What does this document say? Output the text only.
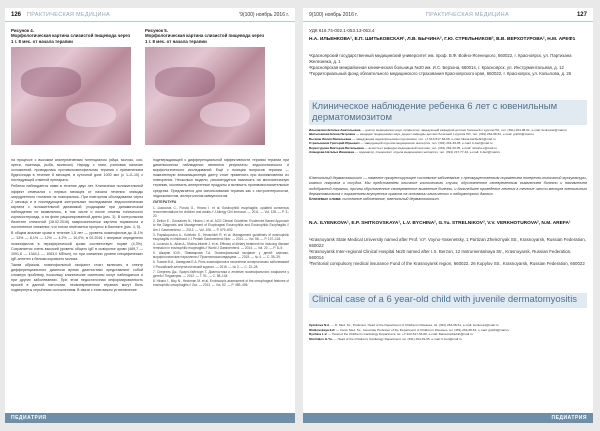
126 ПРАКТИЧЕСКАЯ МЕДИЦИНА	'9(100) ноябрь 2016 г.
Рисунок 4.
Морфологическая картина слизистой пищевода через 1 г. 8 мес. от начала терапии
Рисунок 5.
Морфологическая картина слизистой пищевода через 1 г. 8 мес. от начала терапии

на процессе с высоким альтернативным потенциалом (яйца, молоко, соя, орехи, пшеница, рыба, молюски). Наряду с этим, учитывая наличие осложнений, проводилась противоэозинофильная терапия с применением будесонида в течение 6 месяцев, в суточной дозе 1000 мкг (с 1–0–10) с последующей отменой препарата.

Ребенок наблюдается нами в течение двух лет. Клинически положительный эффект отмечался с первых месяцев от начала лечения: эпизоды затрудненного глотания не повторялись. При повторном обследовании через 2 месяца и в последующем контрольные исследования эндоскопическая картина с положительной динамикой, уходящими при динамическом наблюдении не выявлялись, в том числе и после отмены топического кортикостероида, и на фоне рационированной диеты (рис. 3). В контрольном биоптате слизистой (18.02.2016) микроскопически картина нормальна и постепенное снижение, что потом отмечается прогресс в биоптате (рис. 4, 5).

В общем анализе крови в течение 1,5 лет — уровень эозинофилов до 11,1% — 13% — 6,1% — 12% — 4,2% — 10,0%, в 02.2016 г. впервые определено эозинофилов в периферической крови соответствует норме (4,3%). Сохраняется очень высокий уровень общего IgE в сыворотке крови (489,7 — 1091,6 — 1344,1 — 1063,0 МЕ/мл), но при снижении уровня специфических IgE-антител к белкам коровьего молока.

Таким образом, эозинофильный эзофагит стоит включать в спектр дифференциального диагноза время диагностики представляют собой сложную проблему, поскольку клинические симптомы могут наблюдаться и при других заболеваниях. При этом недостаточная информированность врачей в данной патологии, несвоевременное терапию могут быть подвергнуты серьёзным осложнениям. В связи с этим важно установление

подтверждающей к дифференциальной эффективности терапии терапии при дименсионном наблюдении являются результаты эндоскопического и морфологического исследований. Ещё с позиции вопросов терапии — пожизненную элиминационную диету стоит применять при возникновении их повторения. Несколько модели, рекомендуется назначать на многомесячную терапию, исключить аллергенные продукты и включить противовоспалительные средства. Предлагается для использования терапия как с гастроэнтерологом, эндоскопистом, аллергологом-иммунологом.

ЛИТЕРАТУРА
1. Liacouras C., Furuta G., Hirano I. et al. Eosinophilic esophagitis: updated consensus recommendations for children and adults // J Allergy Clin Immunol. — 2011. — Vol. 128. — P. 3–20.
2. Dellon E., Gonsalves N., Hirano I. et al. ACG Clinical Guideline: Evidenced Based Approach to the Diagnosis and Management of Esophageal Eosinophilia and Eosinophilic Esophagitis // Am J Gastroenterol. — 2013. — Vol. 108. — P. 679–692.
3. Papadopoulou A., Koletzko S., Heuschkel R. et al. Management guidelines of eosinophilic esophagitis in childhood // J Pediatr Gastroenterol Nutr. — 2014. — Vol. 58. — P. 107–118.
4. Lucendo A., Arias A., Molina-Infante J. et al. Efficacy of dietary treatment for inducing disease remission in eosinophilic esophagitis // World J Gastroenterol. — 2014. — Vol. 20. — P. 8–9.
5. Шкарин Ю.В., Пивоварова Т.А. Эозинофильный эзофагит у детей: клинико-морфологические параллели // Практическая медицина. — 2015. — № 4. — С. 35–39.
6. Ткачев В.И., Ахмедова Е.А. Роль эозинофилов в патогенезе аллергических заболеваний // Российский аллергологический журнал. — 2016. — № 3. — С. 22–28.
7. Спергель Дж., Браун-Уайтхорн Т. Диагностика и лечение эозинофильного эзофагита у детей // Педиатрия. — 2012. — Т. 91. — С. 98–104.
8. Hirano I., Moy N., Heckman M. et al. Endoscopic assessment of the oesophageal features of eosinophilic oesophagitis // Gut. — 2013. — Vol. 62. — P. 489–495.
ПЕДИАТРИЯ
9(100) ноябрь 2016 г.	ПРАКТИЧЕСКАЯ МЕДИЦИНА	127
УДК 616.74-002.1-053.13-053.4
Н.А. ИЛЬЕНКОВА¹, Е.П. ШИТЬКОВСКАЯ¹, Л.В. БЫЧИНА², Г.Ю. СТРЕЛЬНИКОВ³, В.В. ВЕРХОТУРОВА², Н.М. АРЕФ1
¹Красноярский государственный медицинский университет им. проф. В.Ф. Войно-Ясенецкого, 660022, г. Красноярск, ул. Партизана Железняка, д. 1
²Красноярская межрайонная клиническая больница №20 им. И.С. Берзона, 660014, г. Красноярск, ул. Инструментальная, д. 12
³Территориальный фонд обязательного медицинского страхования Красноярского края, 660022, г. Красноярск, ул. Копылова, д. 26
Клиническое наблюдение ребенка 6 лет с ювенильным дерматомиозитом
Ильенкова Наталья Анатольевна — доктор медицинских наук, профессор, заведующий кафедрой детских болезней с курсом ПО, тел. (391) 264-08-61, e-mail: ilenkova1@mail.ru
Шитьковская Елена Петровна — кандидат медицинских наук, доцент кафедры детских болезней с курсом ПО, тел. (391) 264-08-61, e-mail: gnp64@mail.ru
Бычина Лилия Васильевна — заведующая педиатрическим отделением, тел. +7-913-517-63-08, e-mail: liliana.barbiebirt@mail.ru
Стрельников Григорий Юрьевич — заведующий отделом медицинских экспертиз, тел. (391) 264-49-05, e-mail: b-beri@mail.ru
Верхотурова Виктория Витальевна — ассистент кафедры медицинской генетики, тел. (391) 264-49-05, e-mail: viktoria-v@mail.ru
Ахмедова Наталья Ивановна — ординатор, специалист отдела медицинских экспертиз, тел. (391) 217-77-44, e-mail: b-beri@mail.ru
Ювенильный дерматомиозит — тяжелое прогрессирующее системное заболевание с преимущественным поражением поперечно-полосатой мускулатуры, кожных покровов и сосудов. Мы представляем описание клинического случая, обусловленное своевременным выявлением болезни и назначением подобранной терапии, причем обусловленное своевременное выявление болезни, и дальнейшее проведение лечения в течение шести месяцев ювенильного дерматомиозита с поражением внутренних органов на основании клинических и лабораторных данных.
Ключевые слова: системное заболевание, ювенильный дерматомиозит.
N.A. ILYENKOVA¹, E.P. SHITKOVSKAYA¹, L.V. BYCHINA², G.Yu. STRELNIKOV³, V.V. VERKHOTUROVA², N.M. AREFA¹
¹Krasnoyarsk State Medical University named after Prof. V.F. Voyno-Yasenetsky, 1 Partizan Zheleznyak Str., Krasnoyarsk, Russian Federation, 660022
²Krasnoyarsk Inter-regional Clinical Hospital №20 named after I.S. Berzon, 12 Instrumentalnaya Str., Krasnoyarsk, Russian Federation, 660014
³Territorial compulsory medical insurance Fund of the Krasnoyarsk region, 660022, 26 Kopylov Str., Krasnoyarsk, Russian Federation, 660022
Clinical case of a 6 year-old child with juvenile dermatomyositis
Ilyenkova N.A. — D. Med. Sc., Professor, Head of the Department of Children's Diseases, tel. (391) 264-08-61, e-mail: ilenkova1@mail.ru
Shitkovskaya E.P. — Cand. Med. Sc., Associate Professor of the Department of Children's Diseases, tel. (391) 264-08-61, e-mail: gnp64@mail.ru
Bychina L.V. — Head of the Children's Cardiology Department, tel. +7-913-517-63-08, e-mail: liliana.barbiebirt@mail.ru
Strelnikov G.Yu. — Head of the Children's Cardiology Department, tel. (391) 264-49-05, e-mail: b-beri@mail.ru
ПЕДИАТРИЯ
